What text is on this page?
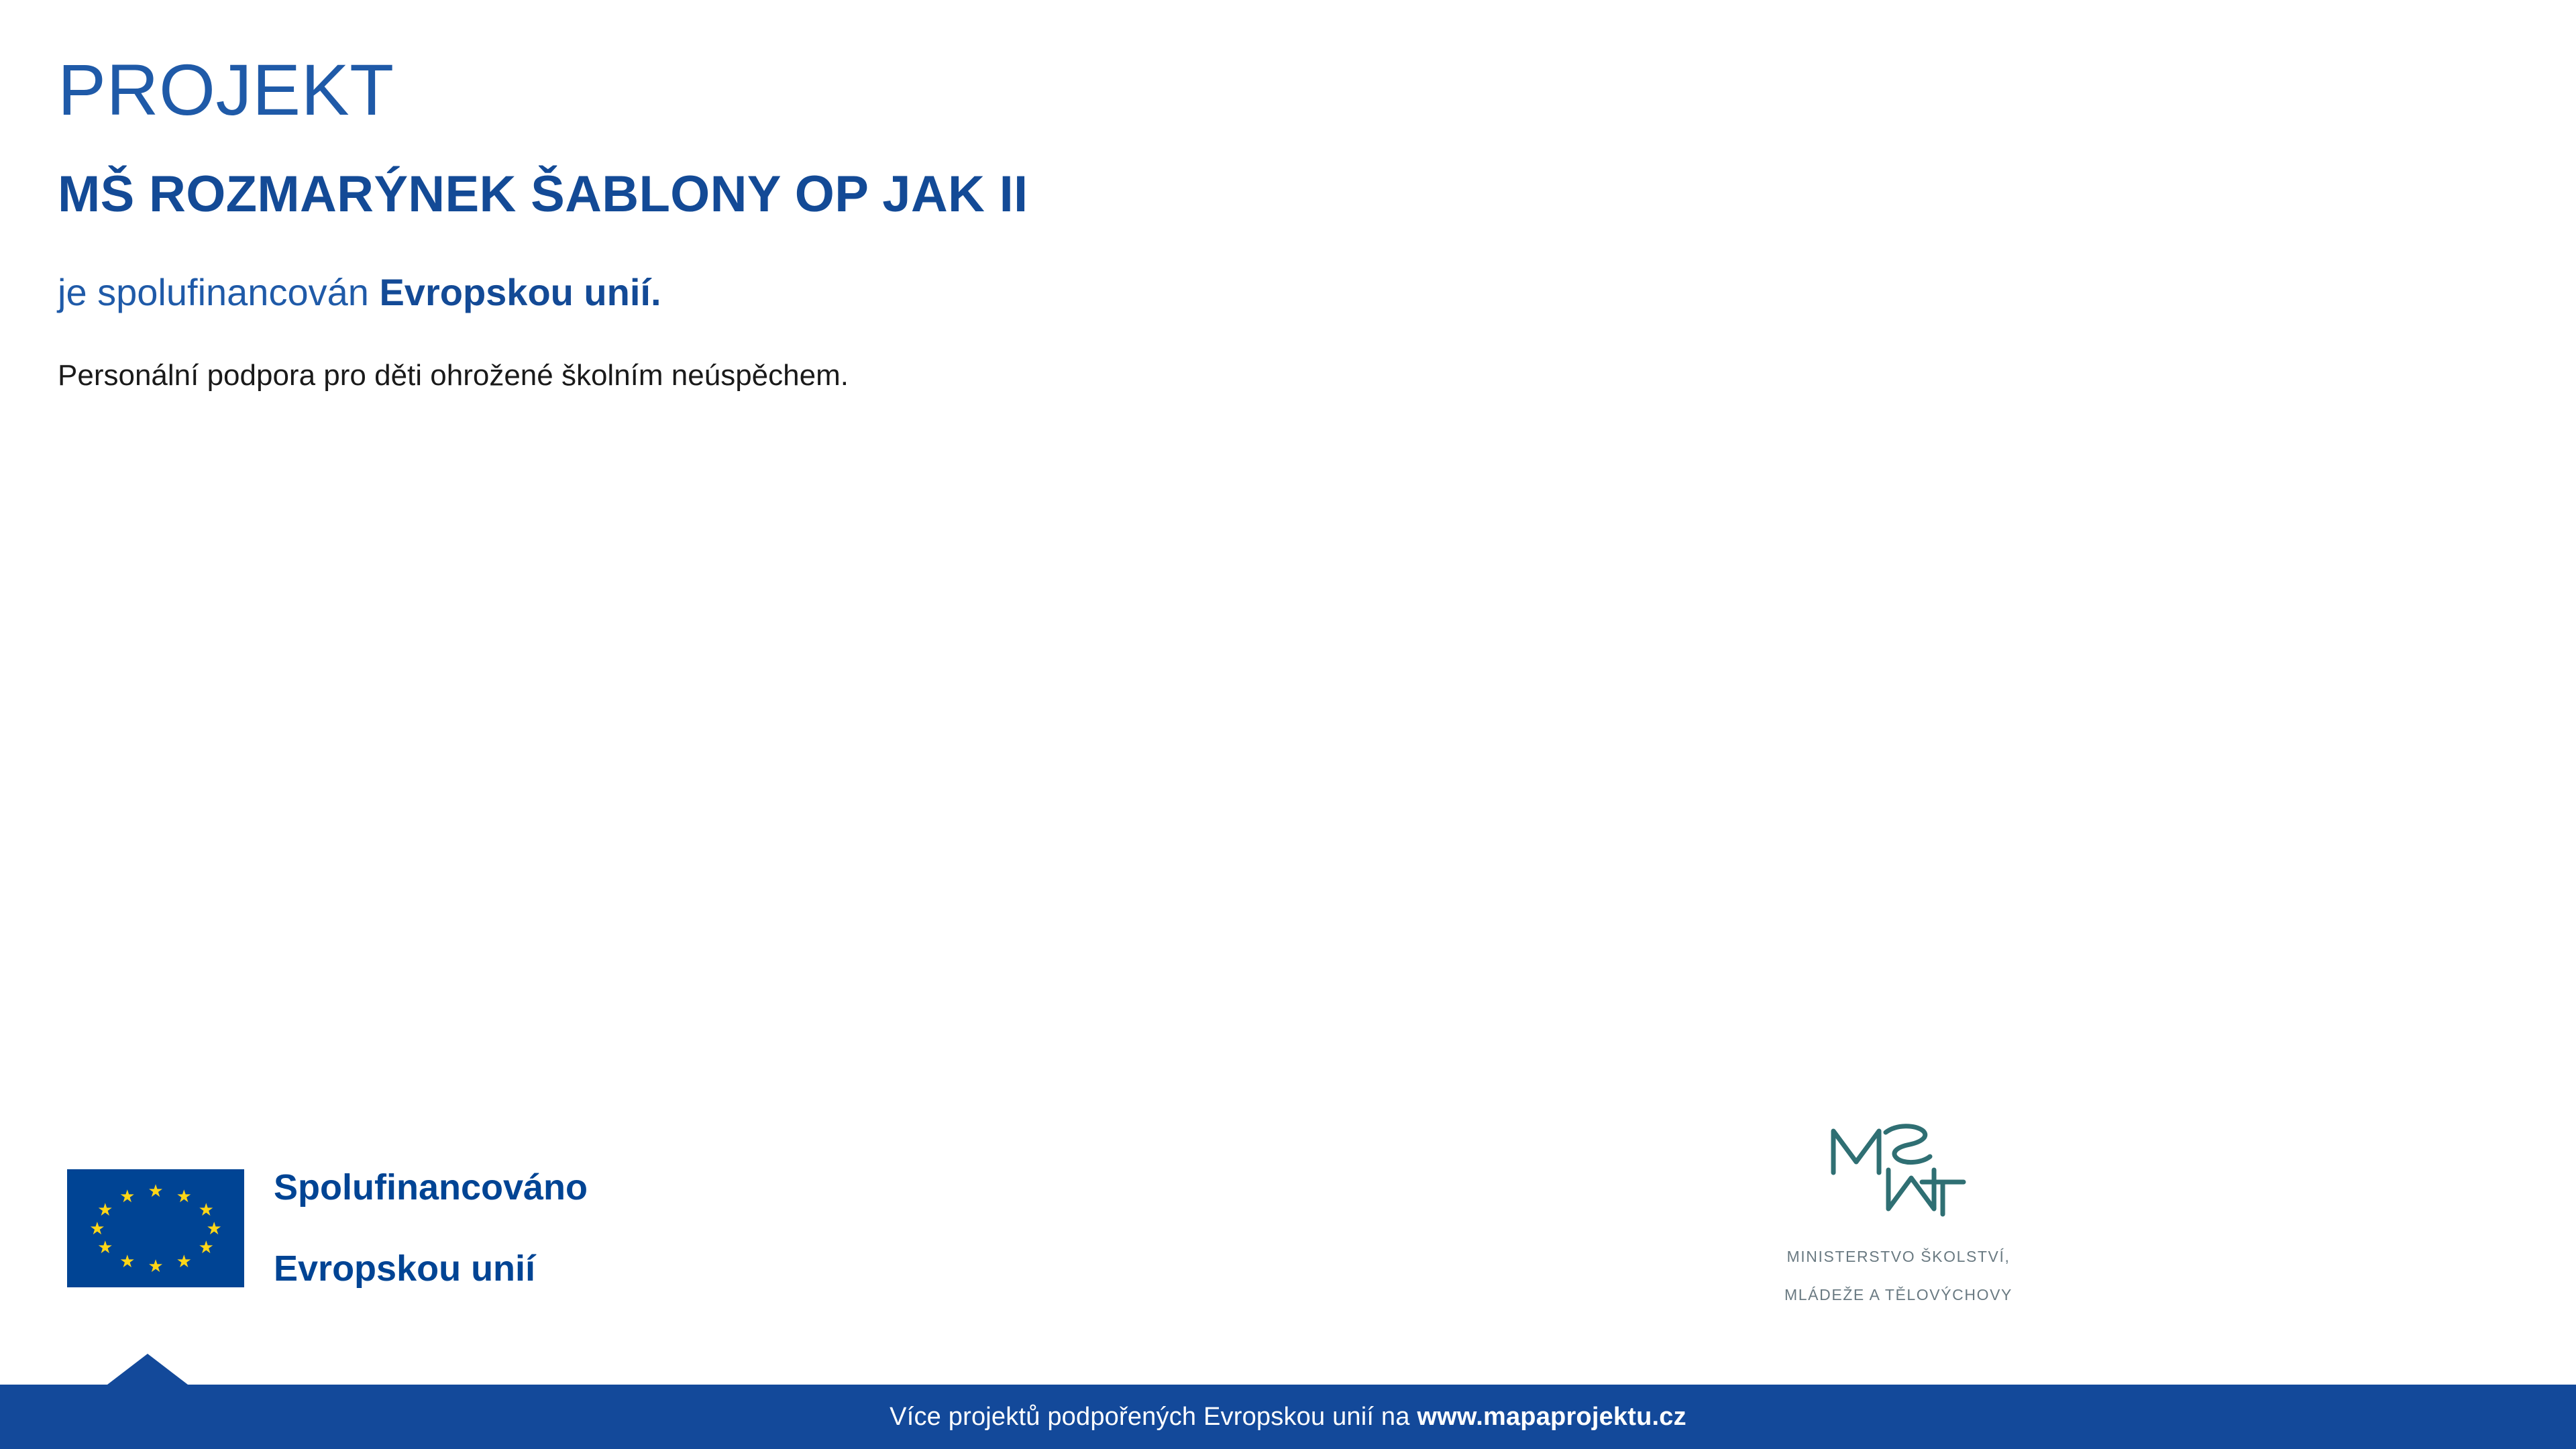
PROJEKT
MŠ ROZMARÝNEK ŠABLONY OP JAK II

je spolufinancován Evropskou unií.

Personální podpora pro děti ohrožené školním neúspěchem.

★ ★
★
★
★
★
★
★
★
★
★
★	Spolufinancováno

Evropskou unií	MINISTERSTVO ŠKOLSTVÍ,

MLÁDEŽE A TĚLOVÝCHOVY

Více projektů podpořených Evropskou unií na www.mapaprojektu.cz
